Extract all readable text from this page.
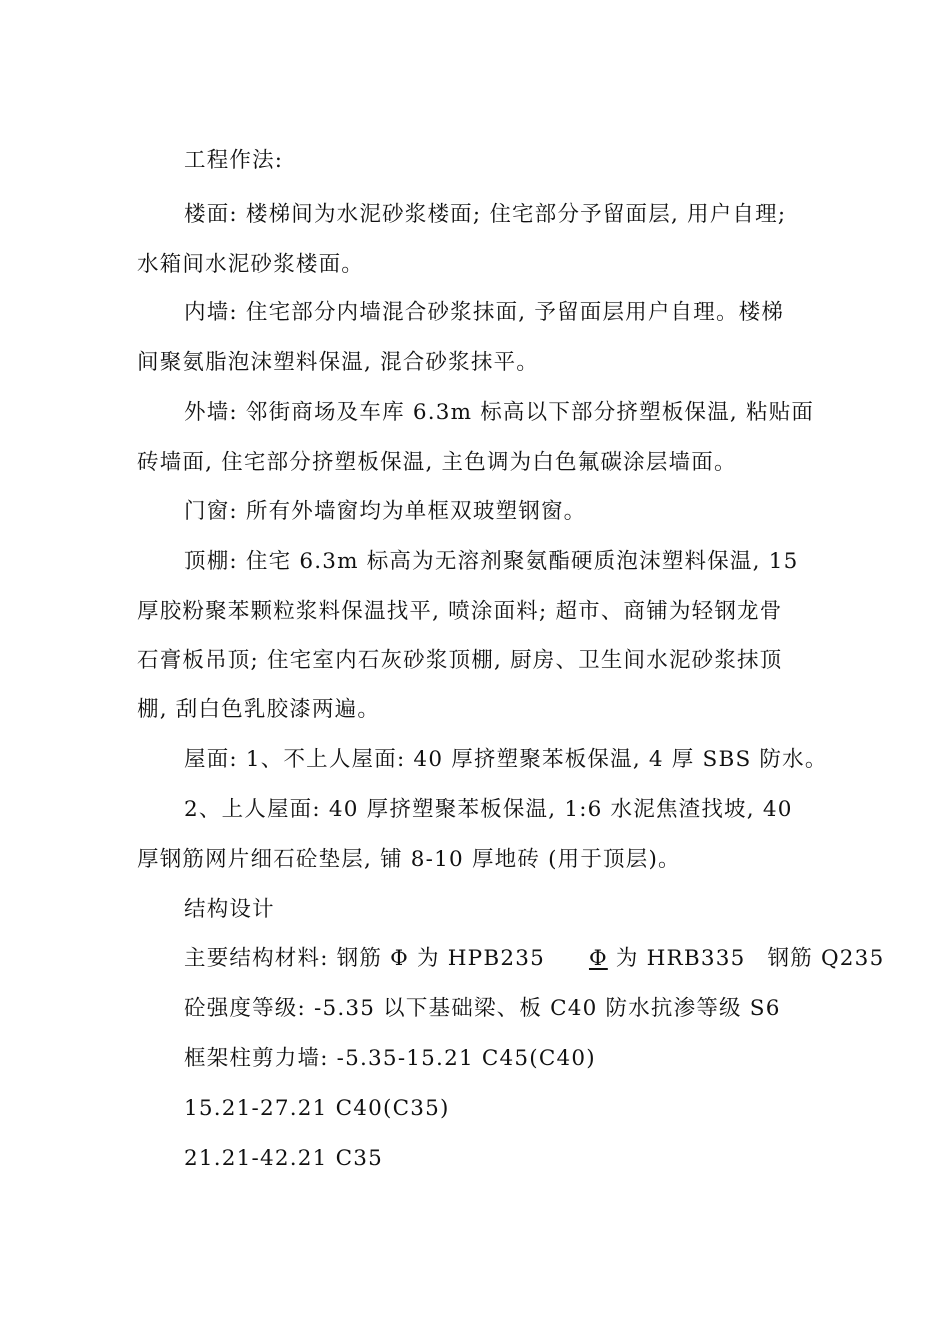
工程作法:
楼面: 楼梯间为水泥砂浆楼面; 住宅部分予留面层, 用户自理;
水箱间水泥砂浆楼面。
内墙: 住宅部分内墙混合砂浆抹面, 予留面层用户自理。楼梯
间聚氨脂泡沫塑料保温, 混合砂浆抹平。
外墙: 邻街商场及车库 6.3m 标高以下部分挤塑板保温, 粘贴面
砖墙面, 住宅部分挤塑板保温, 主色调为白色氟碳涂层墙面。
门窗: 所有外墙窗均为单框双玻塑钢窗。
顶棚: 住宅 6.3m 标高为无溶剂聚氨酯硬质泡沫塑料保温, 15
厚胶粉聚苯颗粒浆料保温找平, 喷涂面料; 超市、商铺为轻钢龙骨
石膏板吊顶; 住宅室内石灰砂浆顶棚, 厨房、卫生间水泥砂浆抹顶
棚, 刮白色乳胶漆两遍。
屋面: 1、不上人屋面: 40 厚挤塑聚苯板保温, 4 厚 SBS 防水。
2、上人屋面: 40 厚挤塑聚苯板保温, 1:6 水泥焦渣找坡, 40
厚钢筋网片细石砼垫层, 铺 8-10 厚地砖 (用于顶层)。
结构设计
主要结构材料: 钢筋 Φ 为 HPB235 Φ 为 HRB335 钢筋 Q235
砼强度等级: -5.35 以下基础梁、板 C40 防水抗渗等级 S6
框架柱剪力墙: -5.35-15.21 C45(C40)
15.21-27.21 C40(C35)
21.21-42.21 C35
